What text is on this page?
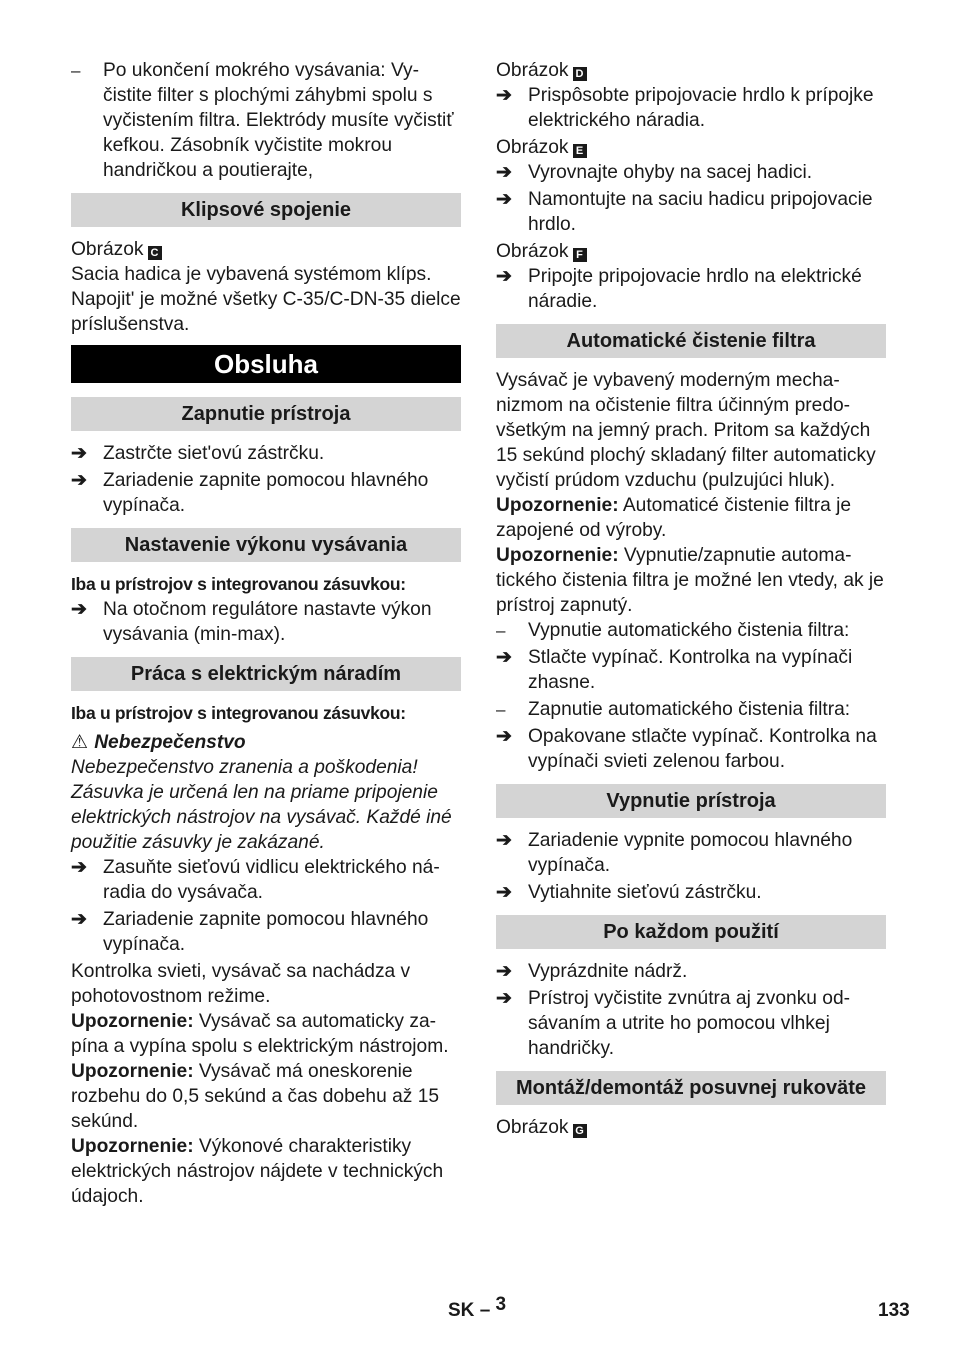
–	Po ukončení mokrého vysávania: Vyčistite filter s plochými záhybmi spolu s vyčistením filtra. Elektródy musíte vyčistiť kefkou. Zásobník vyčistite mokrou handričkou a poutierajte,
Klipsové spojenie

Obrázok C

Sacia hadica je vybavená systémom klíps. Napojit' je možné všetky C-35/C-DN-35 dielce príslušenstva.

Obsluha
Zapnutie prístroja
➔ Zastrčte siet'ovú zástrčku.
➔ Zariadenie zapnite pomocou hlavného vypínača.
Nastavenie výkonu vysávania

Iba u prístrojov s integrovanou zásuvkou:

➔ Na otočnom regulátore nastavte výkon vysávania (min-max).
Práca s elektrickým náradím

Iba u prístrojov s integrovanou zásuvkou:

⚠ Nebezpečenstvo

Nebezpečenstvo zranenia a poškodenia! Zásuvka je určená len na priame pripojenie elektrických nástrojov na vysávač. Každé iné použitie zásuvky je zakázané.

➔ Zasuňte sieťovú vidlicu elektrického náradia do vysávača.
➔ Zariadenie zapnite pomocou hlavného vypínača.

Kontrolka svieti, vysávač sa nachádza v pohotovostnom režime.

Upozornenie: Vysávač sa automaticky zapína a vypína spolu s elektrickým nástrojom.

Upozornenie: Vysávač má oneskorenie rozbehu do 0,5 sekúnd a čas dobehu až 15 sekúnd.

Upozornenie: Výkonové charakteristiky elektrických nástrojov nájdete v technických údajoch.

Obrázok D

➔ Prispôsobte pripojovacie hrdlo k prípojke elektrického náradia.

Obrázok E

➔ Vyrovnajte ohyby na sacej hadici.
➔ Namontujte na saciu hadicu pripojovacie hrdlo.

Obrázok F

➔ Pripojte pripojovacie hrdlo na elektrické náradie.
Automatické čistenie filtra

Vysávač je vybavený moderným mechanizmom na očistenie filtra účinným predovšetkým na jemný prach. Pritom sa každých 15 sekúnd plochý skladaný filter automaticky vyčistí prúdom vzduchu (pulzujúci hluk).

Upozornenie: Automaticé čistenie filtra je zapojené od výroby.

Upozornenie: Vypnutie/zapnutie automatického čistenia filtra je možné len vtedy, ak je prístroj zapnutý.

–	Vypnutie automatického čistenia filtra:
➔ Stlačte vypínač. Kontrolka na vypínači zhasne.
–	Zapnutie automatického čistenia filtra:
➔ Opakovane stlačte vypínač. Kontrolka na vypínači svieti zelenou farbou.
Vypnutie prístroja
➔ Zariadenie vypnite pomocou hlavného vypínača.
➔ Vytiahnite sieťovú zástrčku.
Po každom použití
➔ Vyprázdnite nádrž.
➔ Prístroj vyčistite zvnútra aj zvonku odsávaním a utrite ho pomocou vlhkej handričky.
Montáž/demontáž posuvnej rukoväte

Obrázok G

SK – 3	133
